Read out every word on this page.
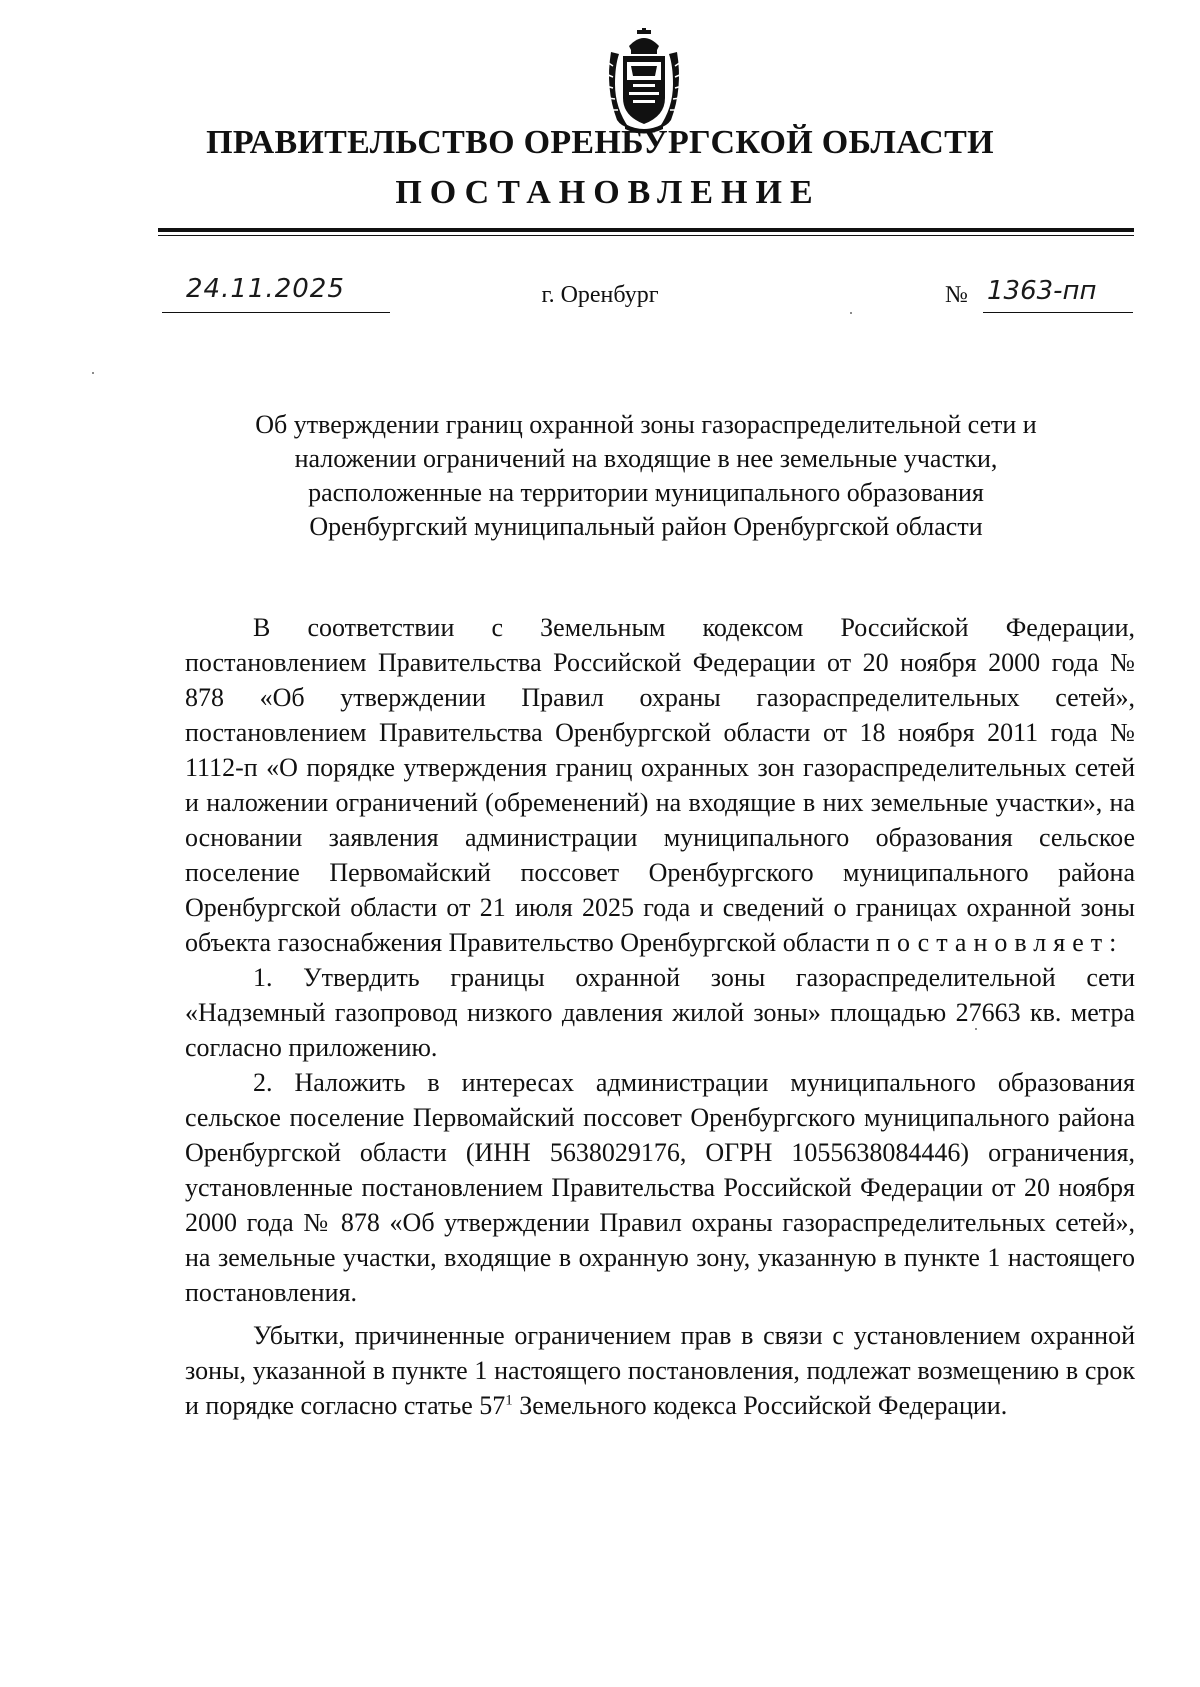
ПРАВИТЕЛЬСТВО ОРЕНБУРГСКОЙ ОБЛАСТИ
ПОСТАНОВЛЕНИЕ
24.11.2025	г. Оренбург	№ 1363-пп
Об утверждении границ охранной зоны газораспределительной сети и
наложении ограничений на входящие в нее земельные участки,
расположенные на территории муниципального образования
Оренбургский муниципальный район Оренбургской области

В соответствии с Земельным кодексом Российской Федерации, постановлением Правительства Российской Федерации от 20 ноября 2000 года № 878 «Об утверждении Правил охраны газораспределительных сетей», постановлением Правительства Оренбургской области от 18 ноября 2011 года № 1112-п «О порядке утверждения границ охранных зон газораспределительных сетей и наложении ограничений (обременений) на входящие в них земельные участки», на основании заявления администрации муниципального образования сельское поселение Первомайский поссовет Оренбургского муниципального района Оренбургской области от 21 июля 2025 года и сведений о границах охранной зоны объекта газоснабжения Правительство Оренбургской области постановляет:

1. Утвердить границы охранной зоны газораспределительной сети «Надземный газопровод низкого давления жилой зоны» площадью 27663 кв. метра согласно приложению.

2. Наложить в интересах администрации муниципального образования сельское поселение Первомайский поссовет Оренбургского муниципального района Оренбургской области (ИНН 5638029176, ОГРН 1055638084446) ограничения, установленные постановлением Правительства Российской Федерации от 20 ноября 2000 года № 878 «Об утверждении Правил охраны газораспределительных сетей», на земельные участки, входящие в охранную зону, указанную в пункте 1 настоящего постановления.

Убытки, причиненные ограничением прав в связи с установлением охранной зоны, указанной в пункте 1 настоящего постановления, подлежат возмещению в срок и порядке согласно статье $57^1$ Земельного кодекса Российской Федерации.
